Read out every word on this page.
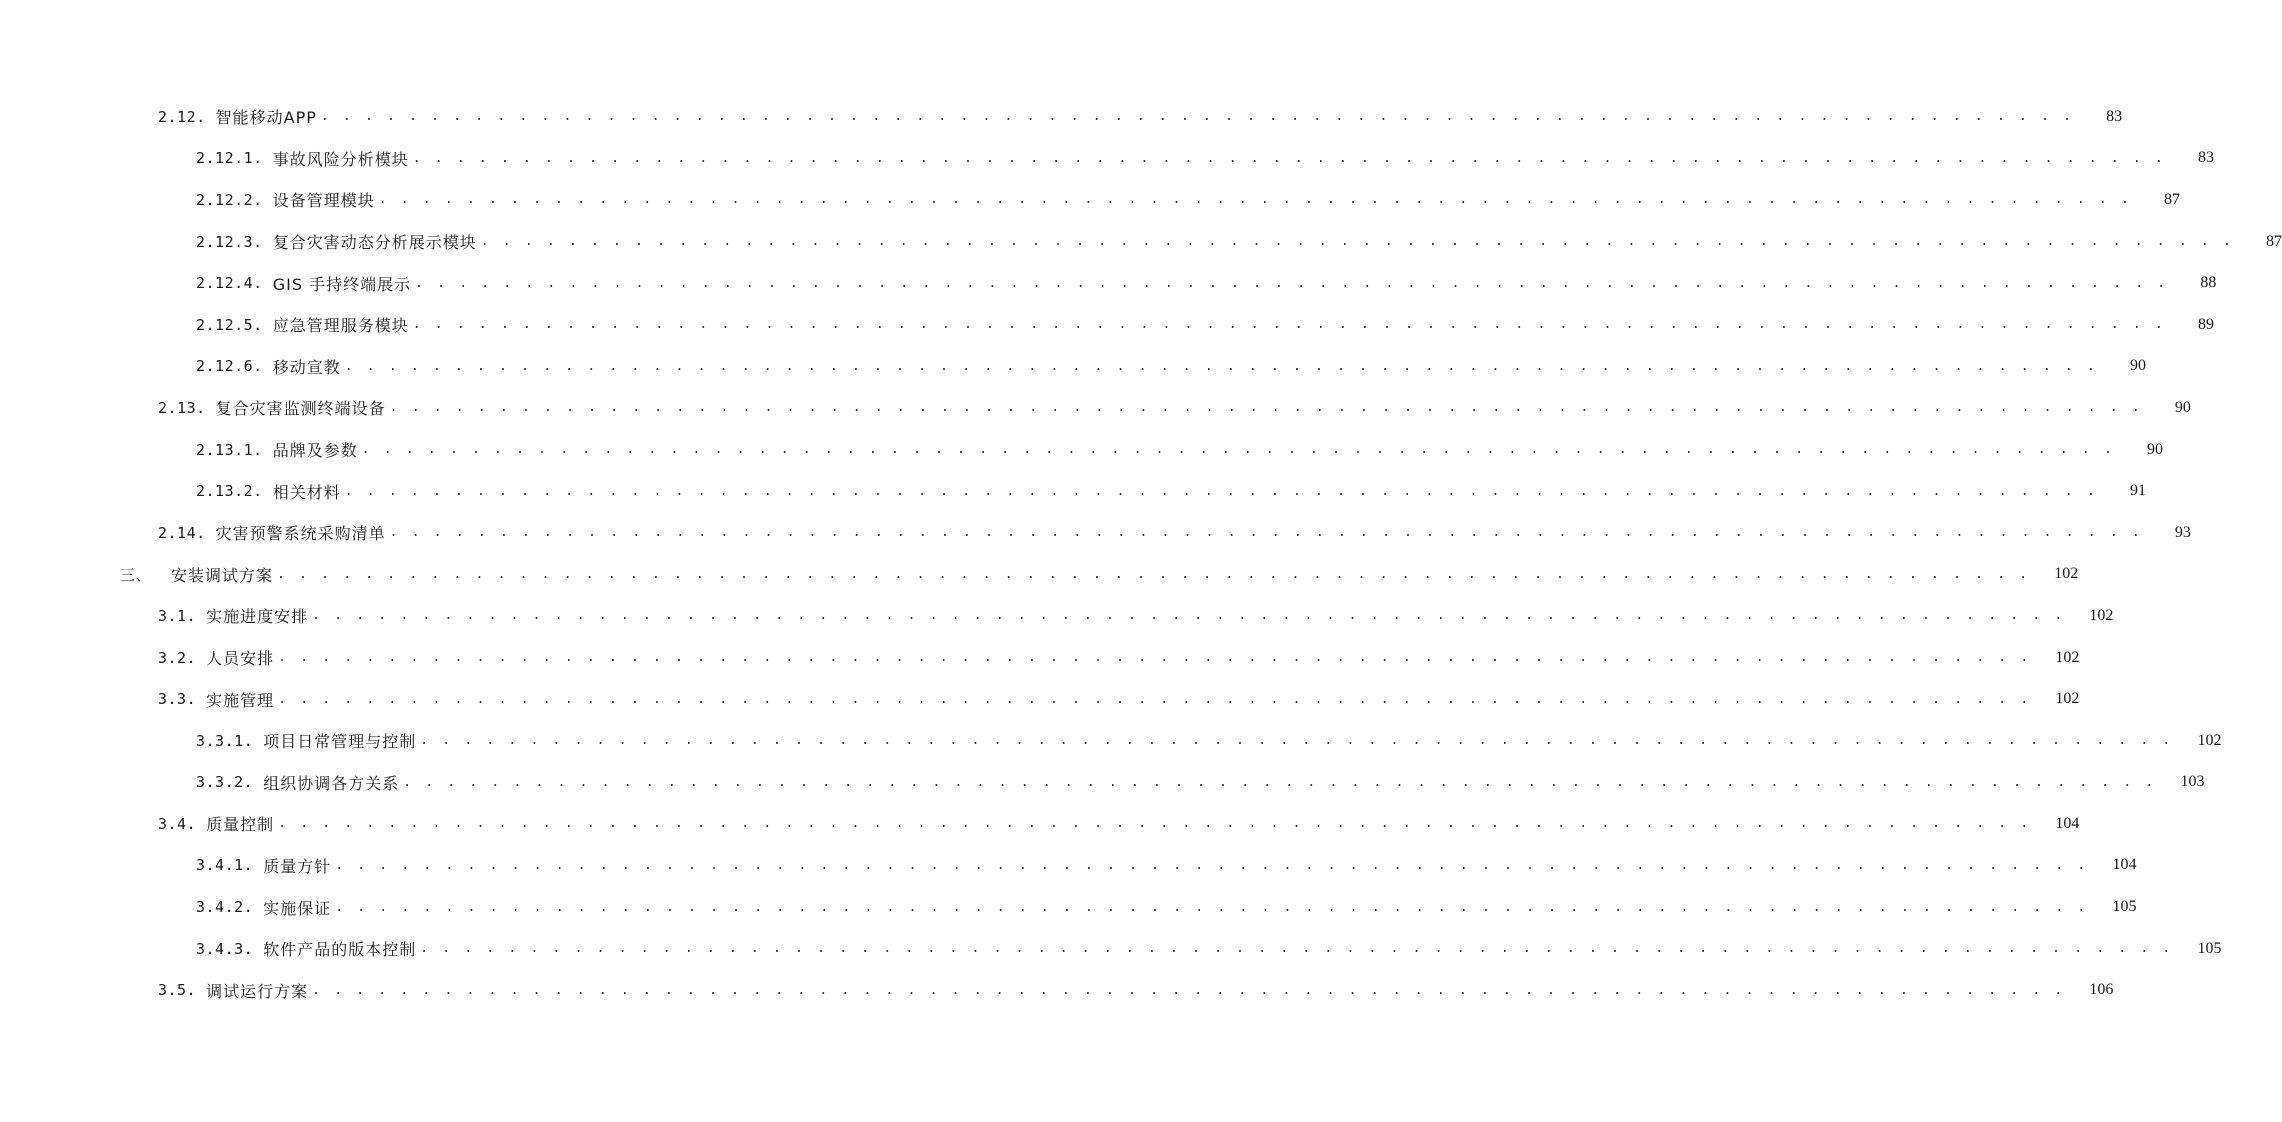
2.12. 智能移动APP . . . . . . . . . . . . . . . . . . . . . . . . . . . . . . . . . . . . . . . . . . . . . . . . . . . . . . . . . . . . . . . . . . . . . . . . . . . . . . . .	83
2.12.1. 事故风险分析模块 . . . . . . . . . . . . . . . . . . . . . . . . . . . . . . . . . . . . . . . . . . . . . . . . . . . . . . . . . . . . . . . . . . . . . . . . . . . . . . . .	83
2.12.2. 设备管理模块 . . . . . . . . . . . . . . . . . . . . . . . . . . . . . . . . . . . . . . . . . . . . . . . . . . . . . . . . . . . . . . . . . . . . . . . . . . . . . . . .	87
2.12.3. 复合灾害动态分析展示模块 . . . . . . . . . . . . . . . . . . . . . . . . . . . . . . . . . . . . . . . . . . . . . . . . . . . . . . . . . . . . . . . . . . . . . . . . . . . . . . . .	87
2.12.4. GIS 手持终端展示 . . . . . . . . . . . . . . . . . . . . . . . . . . . . . . . . . . . . . . . . . . . . . . . . . . . . . . . . . . . . . . . . . . . . . . . . . . . . . . . .	88
2.12.5. 应急管理服务模块 . . . . . . . . . . . . . . . . . . . . . . . . . . . . . . . . . . . . . . . . . . . . . . . . . . . . . . . . . . . . . . . . . . . . . . . . . . . . . . . .	89
2.12.6. 移动宣教 . . . . . . . . . . . . . . . . . . . . . . . . . . . . . . . . . . . . . . . . . . . . . . . . . . . . . . . . . . . . . . . . . . . . . . . . . . . . . . . .	90
2.13. 复合灾害监测终端设备 . . . . . . . . . . . . . . . . . . . . . . . . . . . . . . . . . . . . . . . . . . . . . . . . . . . . . . . . . . . . . . . . . . . . . . . . . . . . . . . .	90
2.13.1. 品牌及参数 . . . . . . . . . . . . . . . . . . . . . . . . . . . . . . . . . . . . . . . . . . . . . . . . . . . . . . . . . . . . . . . . . . . . . . . . . . . . . . . .	90
2.13.2. 相关材料 . . . . . . . . . . . . . . . . . . . . . . . . . . . . . . . . . . . . . . . . . . . . . . . . . . . . . . . . . . . . . . . . . . . . . . . . . . . . . . . .	91
2.14. 灾害预警系统采购清单 . . . . . . . . . . . . . . . . . . . . . . . . . . . . . . . . . . . . . . . . . . . . . . . . . . . . . . . . . . . . . . . . . . . . . . . . . . . . . . . .	93
三、 安装调试方案 . . . . . . . . . . . . . . . . . . . . . . . . . . . . . . . . . . . . . . . . . . . . . . . . . . . . . . . . . . . . . . . . . . . . . . . . . . . . . . . .	102
3.1. 实施进度安排 . . . . . . . . . . . . . . . . . . . . . . . . . . . . . . . . . . . . . . . . . . . . . . . . . . . . . . . . . . . . . . . . . . . . . . . . . . . . . . . .	102
3.2. 人员安排 . . . . . . . . . . . . . . . . . . . . . . . . . . . . . . . . . . . . . . . . . . . . . . . . . . . . . . . . . . . . . . . . . . . . . . . . . . . . . . . .	102
3.3. 实施管理 . . . . . . . . . . . . . . . . . . . . . . . . . . . . . . . . . . . . . . . . . . . . . . . . . . . . . . . . . . . . . . . . . . . . . . . . . . . . . . . .	102
3.3.1. 项目日常管理与控制 . . . . . . . . . . . . . . . . . . . . . . . . . . . . . . . . . . . . . . . . . . . . . . . . . . . . . . . . . . . . . . . . . . . . . . . . . . . . . . . .	102
3.3.2. 组织协调各方关系 . . . . . . . . . . . . . . . . . . . . . . . . . . . . . . . . . . . . . . . . . . . . . . . . . . . . . . . . . . . . . . . . . . . . . . . . . . . . . . . .	103
3.4. 质量控制 . . . . . . . . . . . . . . . . . . . . . . . . . . . . . . . . . . . . . . . . . . . . . . . . . . . . . . . . . . . . . . . . . . . . . . . . . . . . . . . .	104
3.4.1. 质量方针 . . . . . . . . . . . . . . . . . . . . . . . . . . . . . . . . . . . . . . . . . . . . . . . . . . . . . . . . . . . . . . . . . . . . . . . . . . . . . . . .	104
3.4.2. 实施保证 . . . . . . . . . . . . . . . . . . . . . . . . . . . . . . . . . . . . . . . . . . . . . . . . . . . . . . . . . . . . . . . . . . . . . . . . . . . . . . . .	105
3.4.3. 软件产品的版本控制 . . . . . . . . . . . . . . . . . . . . . . . . . . . . . . . . . . . . . . . . . . . . . . . . . . . . . . . . . . . . . . . . . . . . . . . . . . . . . . . .	105
3.5. 调试运行方案 . . . . . . . . . . . . . . . . . . . . . . . . . . . . . . . . . . . . . . . . . . . . . . . . . . . . . . . . . . . . . . . . . . . . . . . . . . . . . . . .	106
